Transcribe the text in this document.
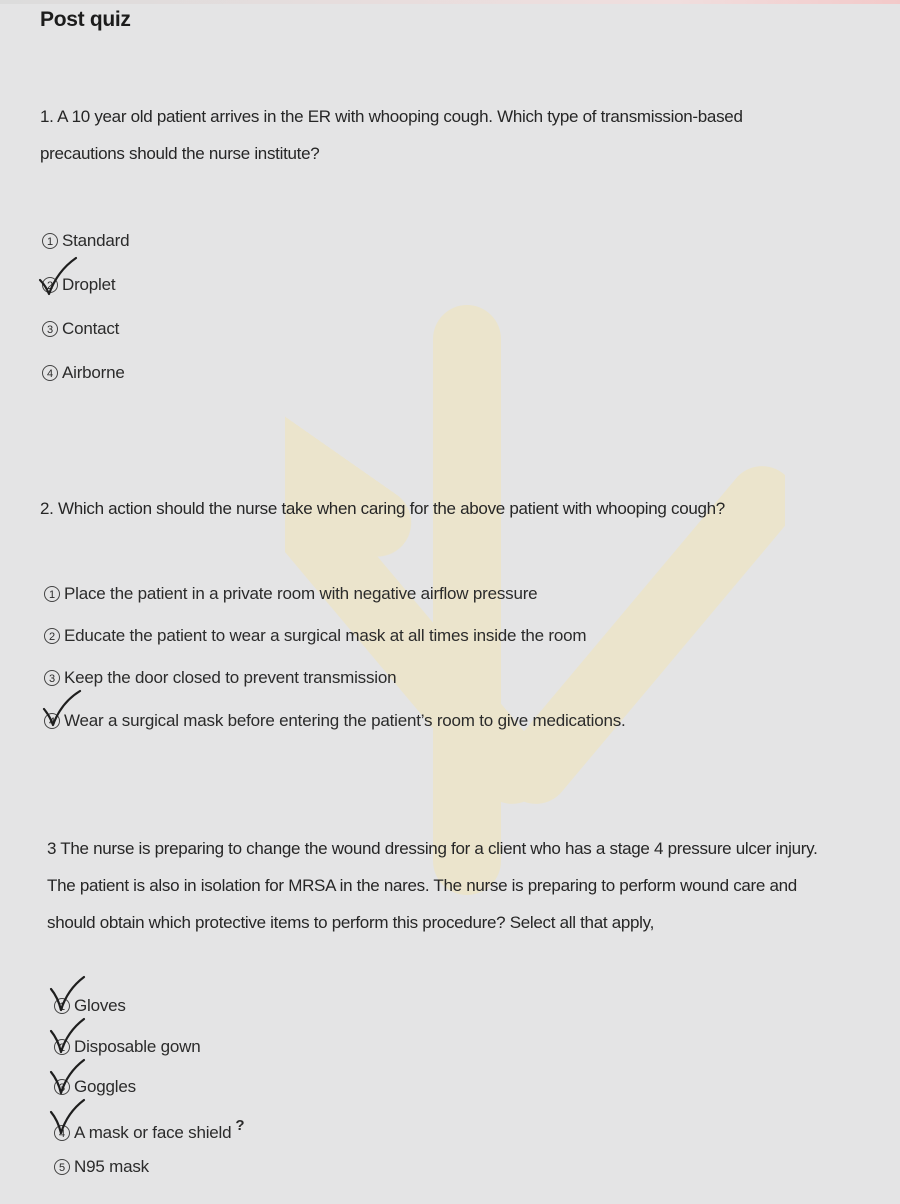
Post quiz
1. A 10 year old patient arrives in the ER with whooping cough. Which type of transmission-based
precautions should the nurse institute?
1 Standard
2 Droplet
3 Contact
4 Airborne
2. Which action should the nurse take when caring for the above patient with whooping cough?
1 Place the patient in a private room with negative airflow pressure
2 Educate the patient to wear a surgical mask at all times inside the room
3 Keep the door closed to prevent transmission
4 Wear a surgical mask before entering the patient’s room to give medications.
3 The nurse is preparing to change the wound dressing for a client who has a stage 4 pressure ulcer injury.
The patient is also in isolation for MRSA in the nares. The nurse is preparing to perform wound care and
should obtain which protective items to perform this procedure? Select all that apply,
1 Gloves
2 Disposable gown
3 Goggles
4 A mask or face shield ?
5 N95 mask
